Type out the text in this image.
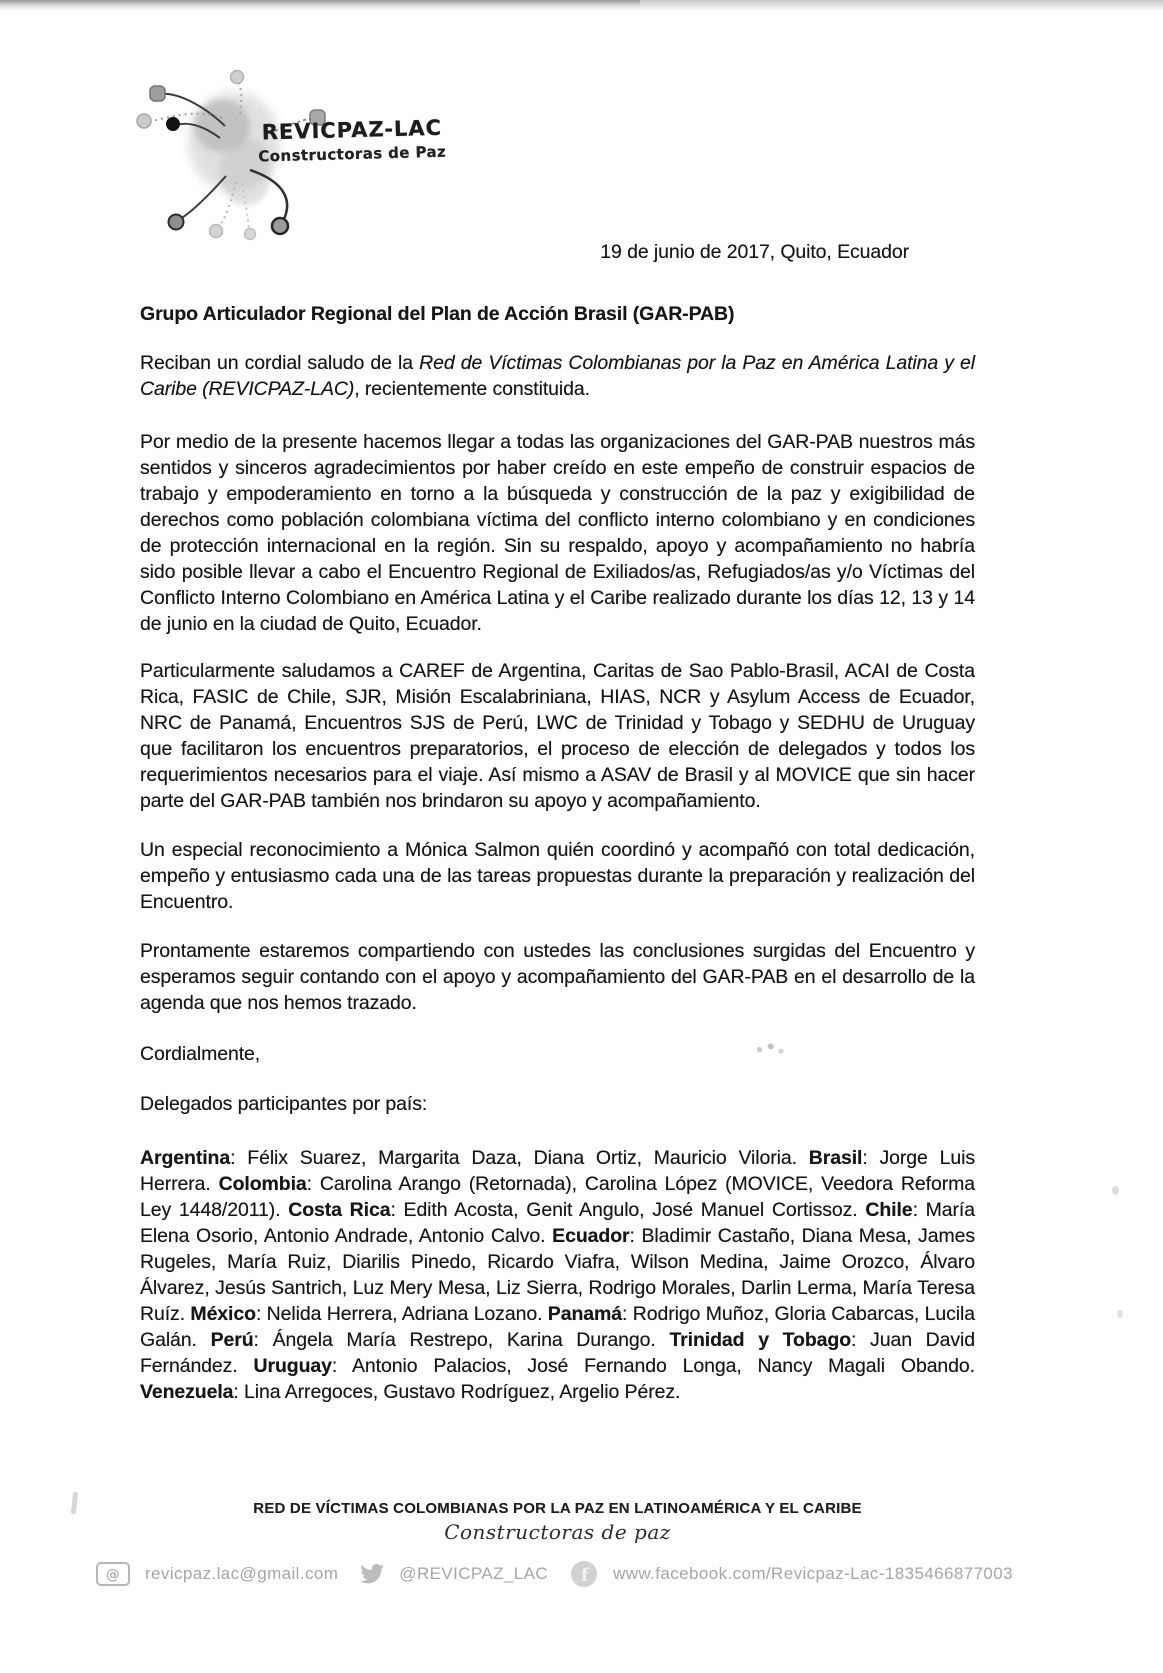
REVICPAZ-LAC
Constructoras de Paz

19 de junio de 2017, Quito, Ecuador

Grupo Articulador Regional del Plan de Acción Brasil (GAR-PAB)

Reciban un cordial saludo de la Red de Víctimas Colombianas por la Paz en América Latina y el Caribe (REVICPAZ-LAC), recientemente constituida.

Por medio de la presente hacemos llegar a todas las organizaciones del GAR-PAB nuestros más sentidos y sinceros agradecimientos por haber creído en este empeño de construir espacios de trabajo y empoderamiento en torno a la búsqueda y construcción de la paz y exigibilidad de derechos como población colombiana víctima del conflicto interno colombiano y en condiciones de protección internacional en la región. Sin su respaldo, apoyo y acompañamiento no habría sido posible llevar a cabo el Encuentro Regional de Exiliados/as, Refugiados/as y/o Víctimas del Conflicto Interno Colombiano en América Latina y el Caribe realizado durante los días 12, 13 y 14 de junio en la ciudad de Quito, Ecuador.

Particularmente saludamos a CAREF de Argentina, Caritas de Sao Pablo-Brasil, ACAI de Costa Rica, FASIC de Chile, SJR, Misión Escalabriniana, HIAS, NCR y Asylum Access de Ecuador, NRC de Panamá, Encuentros SJS de Perú, LWC de Trinidad y Tobago y SEDHU de Uruguay que facilitaron los encuentros preparatorios, el proceso de elección de delegados y todos los requerimientos necesarios para el viaje. Así mismo a ASAV de Brasil y al MOVICE que sin hacer parte del GAR-PAB también nos brindaron su apoyo y acompañamiento.

Un especial reconocimiento a Mónica Salmon quién coordinó y acompañó con total dedicación, empeño y entusiasmo cada una de las tareas propuestas durante la preparación y realización del Encuentro.

Prontamente estaremos compartiendo con ustedes las conclusiones surgidas del Encuentro y esperamos seguir contando con el apoyo y acompañamiento del GAR-PAB en el desarrollo de la agenda que nos hemos trazado.

Cordialmente,

Delegados participantes por país:

Argentina: Félix Suarez, Margarita Daza, Diana Ortiz, Mauricio Viloria. Brasil: Jorge Luis Herrera. Colombia: Carolina Arango (Retornada), Carolina López (MOVICE, Veedora Reforma Ley 1448/2011). Costa Rica: Edith Acosta, Genit Angulo, José Manuel Cortissoz. Chile: María Elena Osorio, Antonio Andrade, Antonio Calvo. Ecuador: Bladimir Castaño, Diana Mesa, James Rugeles, María Ruiz, Diarilis Pinedo, Ricardo Viafra, Wilson Medina, Jaime Orozco, Álvaro Álvarez, Jesús Santrich, Luz Mery Mesa, Liz Sierra, Rodrigo Morales, Darlin Lerma, María Teresa Ruíz. México: Nelida Herrera, Adriana Lozano. Panamá: Rodrigo Muñoz, Gloria Cabarcas, Lucila Galán. Perú: Ángela María Restrepo, Karina Durango. Trinidad y Tobago: Juan David Fernández. Uruguay: Antonio Palacios, José Fernando Longa, Nancy Magali Obando. Venezuela: Lina Arregoces, Gustavo Rodríguez, Argelio Pérez.

RED DE VÍCTIMAS COLOMBIANAS POR LA PAZ EN LATINOAMÉRICA Y EL CARIBE
Constructoras de paz
@ revicpaz.lac@gmail.com	@REVICPAZ_LAC f www.facebook.com/Revicpaz-Lac-1835466877003
